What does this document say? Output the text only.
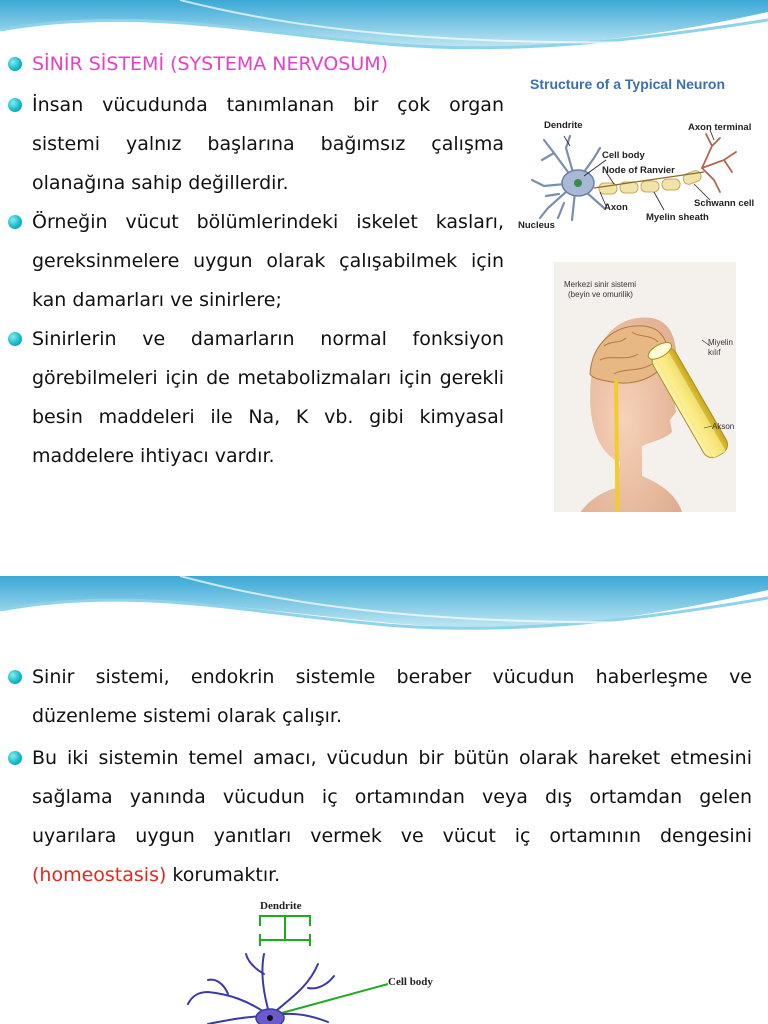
SİNİR SİSTEMİ (SYSTEMA NERVOSUM)
İnsan vücudunda tanımlanan bir çok organ sistemi yalnız başlarına bağımsız çalışma olanağına sahip değillerdir.
Örneğin vücut bölümlerindeki iskelet kasları, gereksinmelere uygun olarak çalışabilmek için kan damarları ve sinirlere;
Sinirlerin ve damarların normal fonksiyon görebilmeleri için de metabolizmaları için gerekli besin maddeleri ile Na, K vb. gibi kimyasal maddelere ihtiyacı vardır.
Structure of a Typical Neuron
Dendrite	Axon terminal
Cell body
Node of Ranvier
Axon	Schwann cell
Nucleus
Myelin sheath
Merkezi sinir sistemi
(beyin ve omurilik)
Miyelin
kılıf
Akson
Sinir sistemi, endokrin sistemle beraber vücudun haberleşme ve düzenleme sistemi olarak çalışır.
Bu iki sistemin temel amacı, vücudun bir bütün olarak hareket etmesini sağlama yanında vücudun iç ortamından veya dış ortamdan gelen uyarılara uygun yanıtları vermek ve vücut iç ortamının dengesini (homeostasis) korumaktır.
Dendrite
Cell body
